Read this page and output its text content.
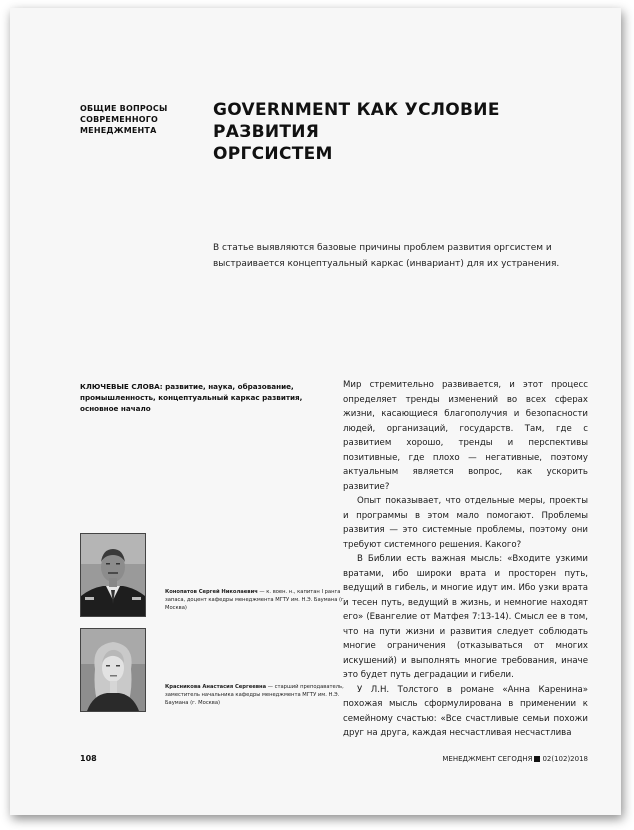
ОБЩИЕ ВОПРОСЫ
СОВРЕМЕННОГО
МЕНЕДЖМЕНТА
GOVERNMENT КАК УСЛОВИЕ РАЗВИТИЯ
ОРГСИСТЕМ
В статье выявляются базовые причины проблем развития оргсистем и выстраивается концептуальный каркас (инвариант) для их устранения.
КЛЮЧЕВЫЕ СЛОВА: развитие, наука, образование, промышленность, концептуальный каркас развития, основное начало
Конопатов Сергей Николаевич — к. воен. н., капитан I ранга запаса, доцент кафедры менеджмента МГТУ им. Н.Э. Баумана (г. Москва)
Красникова Анастасия Сергеевна — старший преподаватель, заместитель начальника кафедры менеджмента МГТУ им. Н.Э. Баумана (г. Москва)

Мир стремительно развивается, и этот процесс определяет тренды изменений во всех сферах жизни, касающиеся благополучия и безопасности людей, организаций, государств. Там, где с развитием хорошо, тренды и перспективы позитивные, где плохо — негативные, поэтому актуальным является вопрос, как ускорить развитие?

Опыт показывает, что отдельные меры, проекты и программы в этом мало помогают. Проблемы развития — это системные проблемы, поэтому они требуют системного решения. Какого?

В Библии есть важная мысль: «Входите узкими вратами, ибо широки врата и просторен путь, ведущий в гибель, и многие идут им. Ибо узки врата и тесен путь, ведущий в жизнь, и немногие находят его» (Евангелие от Матфея 7:13-14). Смысл ее в том, что на пути жизни и развития следует соблюдать многие ограничения (отказываться от многих искушений) и выполнять многие требования, иначе это будет путь деградации и гибели.

У Л.Н. Толстого в романе «Анна Каренина» похожая мысль сформулирована в применении к семейному счастью: «Все счастливые семьи похожи друг на друга, каждая несчастливая несчастлива

108	МЕНЕДЖМЕНТ СЕГОДНЯ 02(102)2018
